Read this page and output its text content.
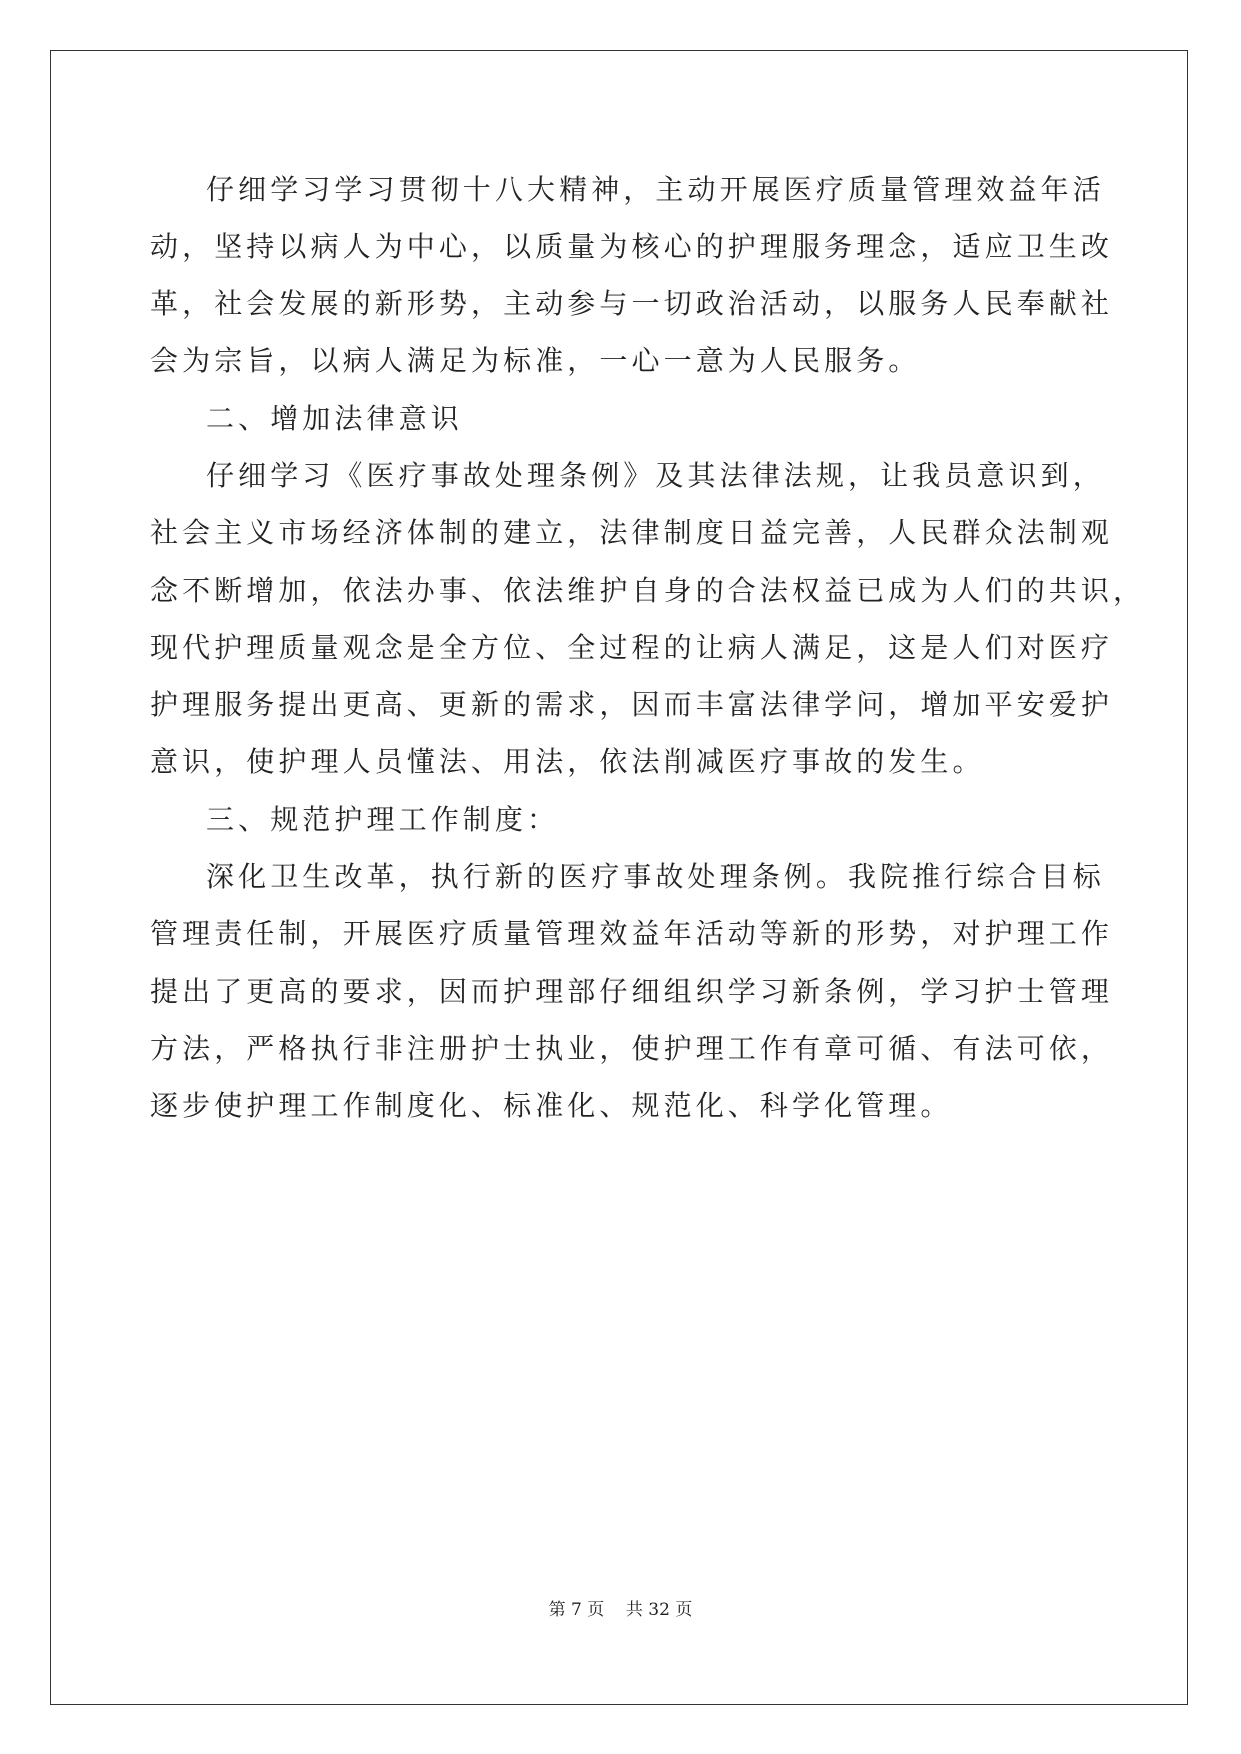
仔细学习学习贯彻十八大精神，主动开展医疗质量管理效益年活
动，坚持以病人为中心，以质量为核心的护理服务理念，适应卫生改
革，社会发展的新形势，主动参与一切政治活动，以服务人民奉献社
会为宗旨，以病人满足为标准，一心一意为人民服务。
二、增加法律意识
仔细学习《医疗事故处理条例》及其法律法规，让我员意识到，
社会主义市场经济体制的建立，法律制度日益完善，人民群众法制观
念不断增加，依法办事、依法维护自身的合法权益已成为人们的共识，
现代护理质量观念是全方位、全过程的让病人满足，这是人们对医疗
护理服务提出更高、更新的需求，因而丰富法律学问，增加平安爱护
意识，使护理人员懂法、用法，依法削减医疗事故的发生。
三、规范护理工作制度：
深化卫生改革，执行新的医疗事故处理条例。我院推行综合目标
管理责任制，开展医疗质量管理效益年活动等新的形势，对护理工作
提出了更高的要求，因而护理部仔细组织学习新条例，学习护士管理
方法，严格执行非注册护士执业，使护理工作有章可循、有法可依，
逐步使护理工作制度化、标准化、规范化、科学化管理。
第 7 页    共 32 页
